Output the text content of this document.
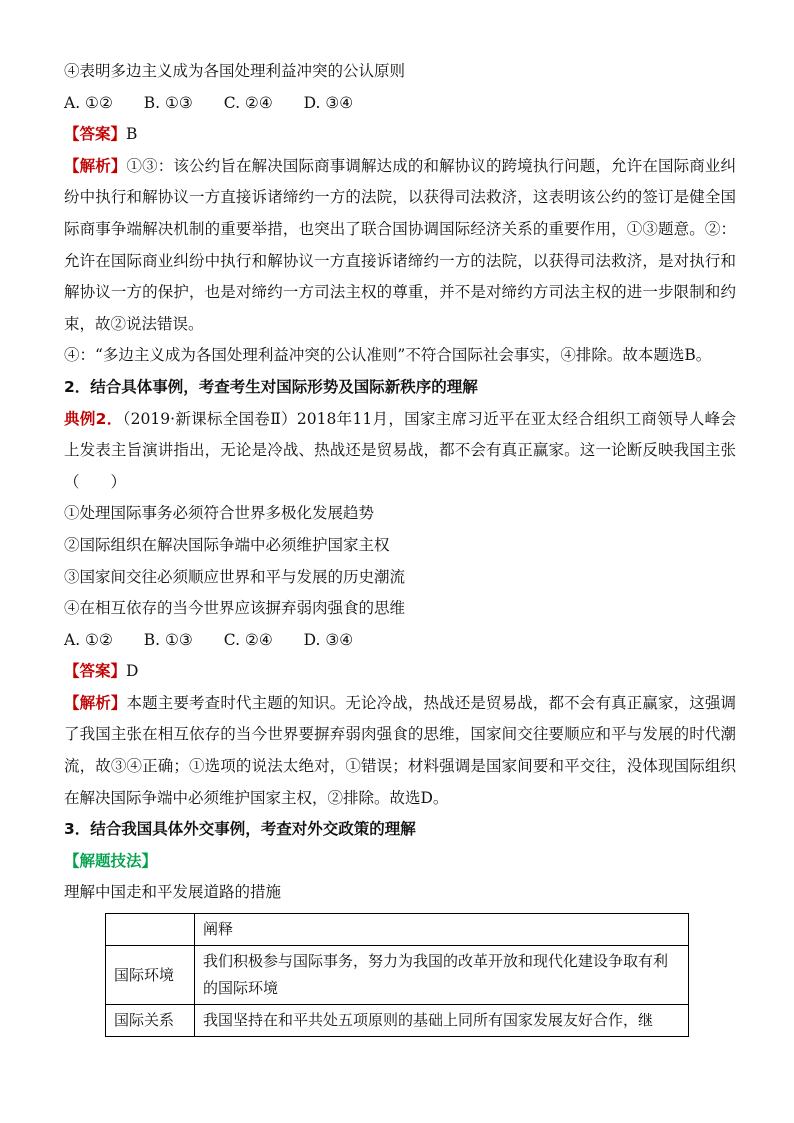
④表明多边主义成为各国处理利益冲突的公认原则
A. ①② B. ①③ C. ②④ D. ③④
【答案】B
【解析】①③：该公约旨在解决国际商事调解达成的和解协议的跨境执行问题，允许在国际商业纠纷中执行和解协议一方直接诉诸缔约一方的法院，以获得司法救济，这表明该公约的签订是健全国际商事争端解决机制的重要举措，也突出了联合国协调国际经济关系的重要作用，①③题意。②：允许在国际商业纠纷中执行和解协议一方直接诉诸缔约一方的法院，以获得司法救济，是对执行和解协议一方的保护，也是对缔约一方司法主权的尊重，并不是对缔约方司法主权的进一步限制和约束，故②说法错误。
④：“多边主义成为各国处理利益冲突的公认准则”不符合国际社会事实，④排除。故本题选B。
2．结合具体事例，考查考生对国际形势及国际新秩序的理解
典例2．（2019·新课标全国卷Ⅱ）2018年11月，国家主席习近平在亚太经合组织工商领导人峰会上发表主旨演讲指出，无论是冷战、热战还是贸易战，都不会有真正赢家。这一论断反映我国主张（　　）
①处理国际事务必须符合世界多极化发展趋势
②国际组织在解决国际争端中必须维护国家主权
③国家间交往必须顺应世界和平与发展的历史潮流
④在相互依存的当今世界应该摒弃弱肉强食的思维
A. ①② B. ①③ C. ②④ D. ③④
【答案】D
【解析】本题主要考查时代主题的知识。无论冷战，热战还是贸易战，都不会有真正赢家，这强调了我国主张在相互依存的当今世界要摒弃弱肉强食的思维，国家间交往要顺应和平与发展的时代潮流，故③④正确；①选项的说法太绝对，①错误；材料强调是国家间要和平交往，没体现国际组织在解决国际争端中必须维护国家主权，②排除。故选D。
3．结合我国具体外交事例，考查对外交政策的理解
【解题技法】
理解中国走和平发展道路的措施
	阐释
国际环境	我们积极参与国际事务，努力为我国的改革开放和现代化建设争取有利的国际环境
国际关系	我国坚持在和平共处五项原则的基础上同所有国家发展友好合作，继
